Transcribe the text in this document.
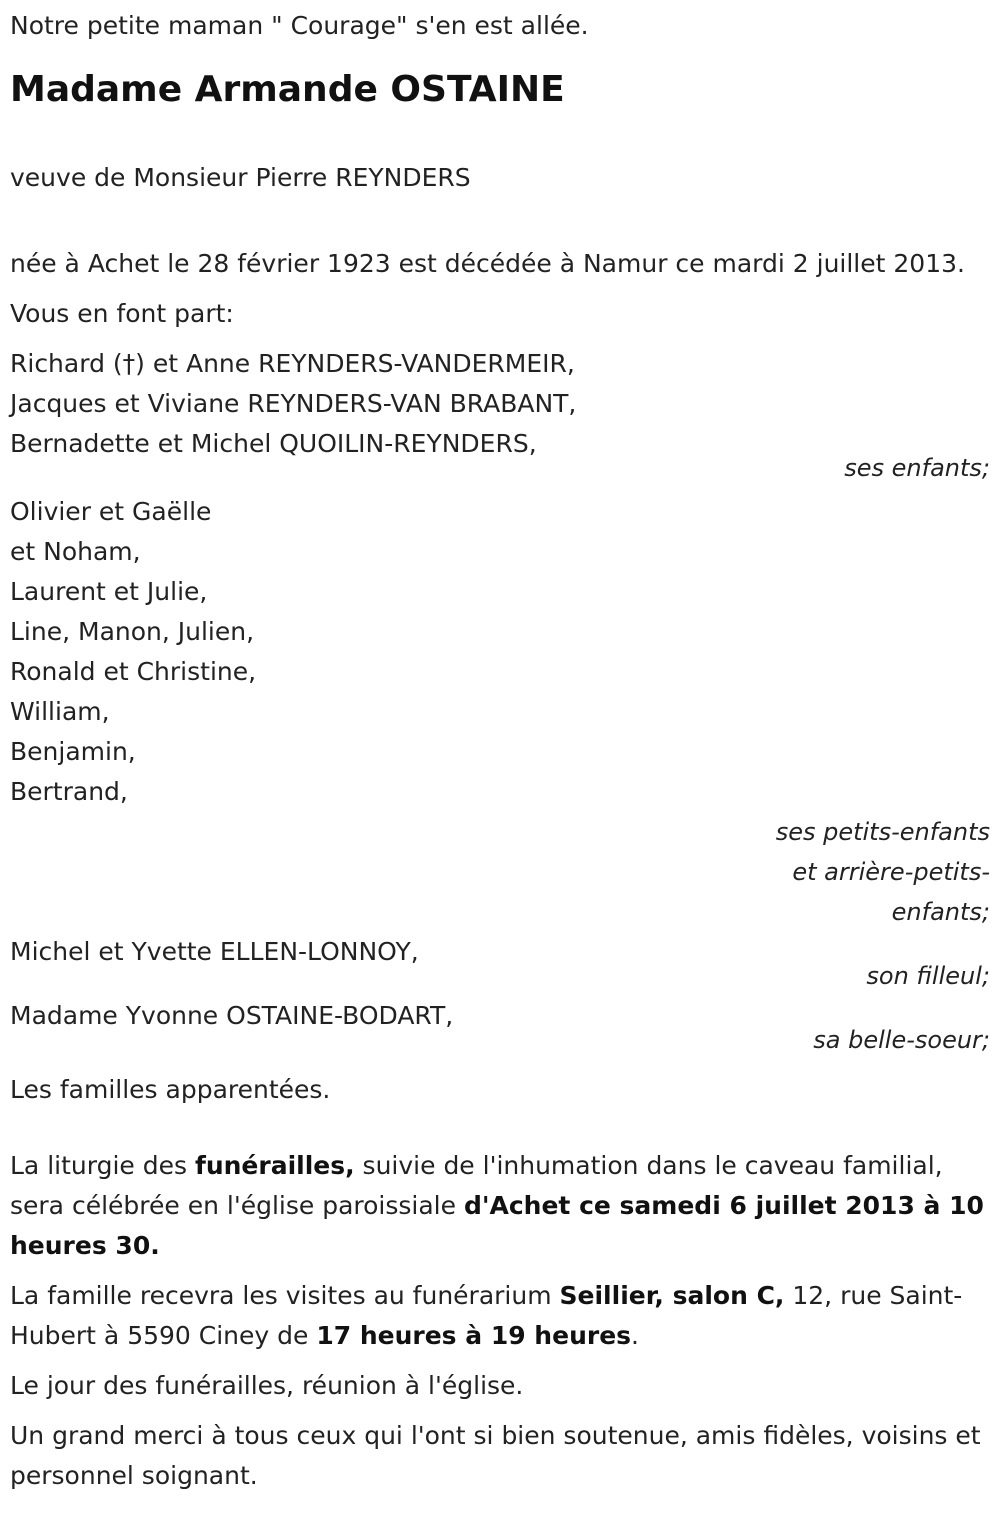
Notre petite maman " Courage" s'en est allée.

Madame Armande OSTAINE

veuve de Monsieur Pierre REYNDERS

née à Achet le 28 février 1923 est décédée à Namur ce mardi 2 juillet 2013.

Vous en font part:

Richard (†) et Anne REYNDERS-VANDERMEIR,
Jacques et Viviane REYNDERS-VAN BRABANT,
Bernadette et Michel QUOILIN-REYNDERS,
ses enfants;
Olivier et Gaëlle
et Noham,
Laurent et Julie,
Line, Manon, Julien,
Ronald et Christine,
William,
Benjamin,
Bertrand,
ses petits-enfants
et arrière-petits-
enfants;
Michel et Yvette ELLEN-LONNOY,
son filleul;
Madame Yvonne OSTAINE-BODART,
sa belle-soeur;

Les familles apparentées.

La liturgie des funérailles, suivie de l'inhumation dans le caveau familial, sera célébrée en l'église paroissiale d'Achet ce samedi 6 juillet 2013 à 10 heures 30.

La famille recevra les visites au funérarium Seillier, salon C, 12, rue Saint-Hubert à 5590 Ciney de 17 heures à 19 heures.

Le jour des funérailles, réunion à l'église.

Un grand merci à tous ceux qui l'ont si bien soutenue, amis fidèles, voisins et personnel soignant.
